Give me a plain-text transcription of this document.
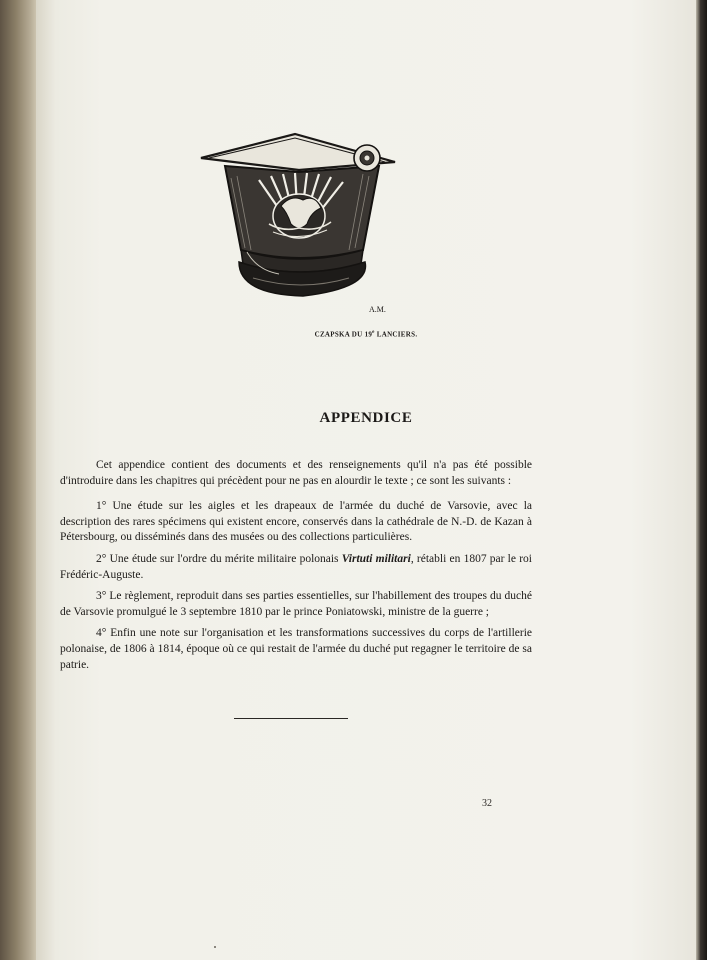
A.M.
CZAPSKA DU 19e LANCIERS.
APPENDICE

Cet appendice contient des documents et des renseignements qu'il n'a pas été possible d'introduire dans les chapitres qui précèdent pour ne pas en alourdir le texte ; ce sont les suivants :

1° Une étude sur les aigles et les drapeaux de l'armée du duché de Varsovie, avec la description des rares spécimens qui existent encore, conservés dans la cathédrale de N.-D. de Kazan à Pétersbourg, ou disséminés dans des musées ou des collections particulières.

2° Une étude sur l'ordre du mérite militaire polonais Virtuti militari, rétabli en 1807 par le roi Frédéric-Auguste.

3° Le règlement, reproduit dans ses parties essentielles, sur l'habillement des troupes du duché de Varsovie promulgué le 3 septembre 1810 par le prince Poniatowski, ministre de la guerre ;

4° Enfin une note sur l'organisation et les transformations successives du corps de l'artillerie polonaise, de 1806 à 1814, époque où ce qui restait de l'armée du duché put regagner le territoire de sa patrie.

32
